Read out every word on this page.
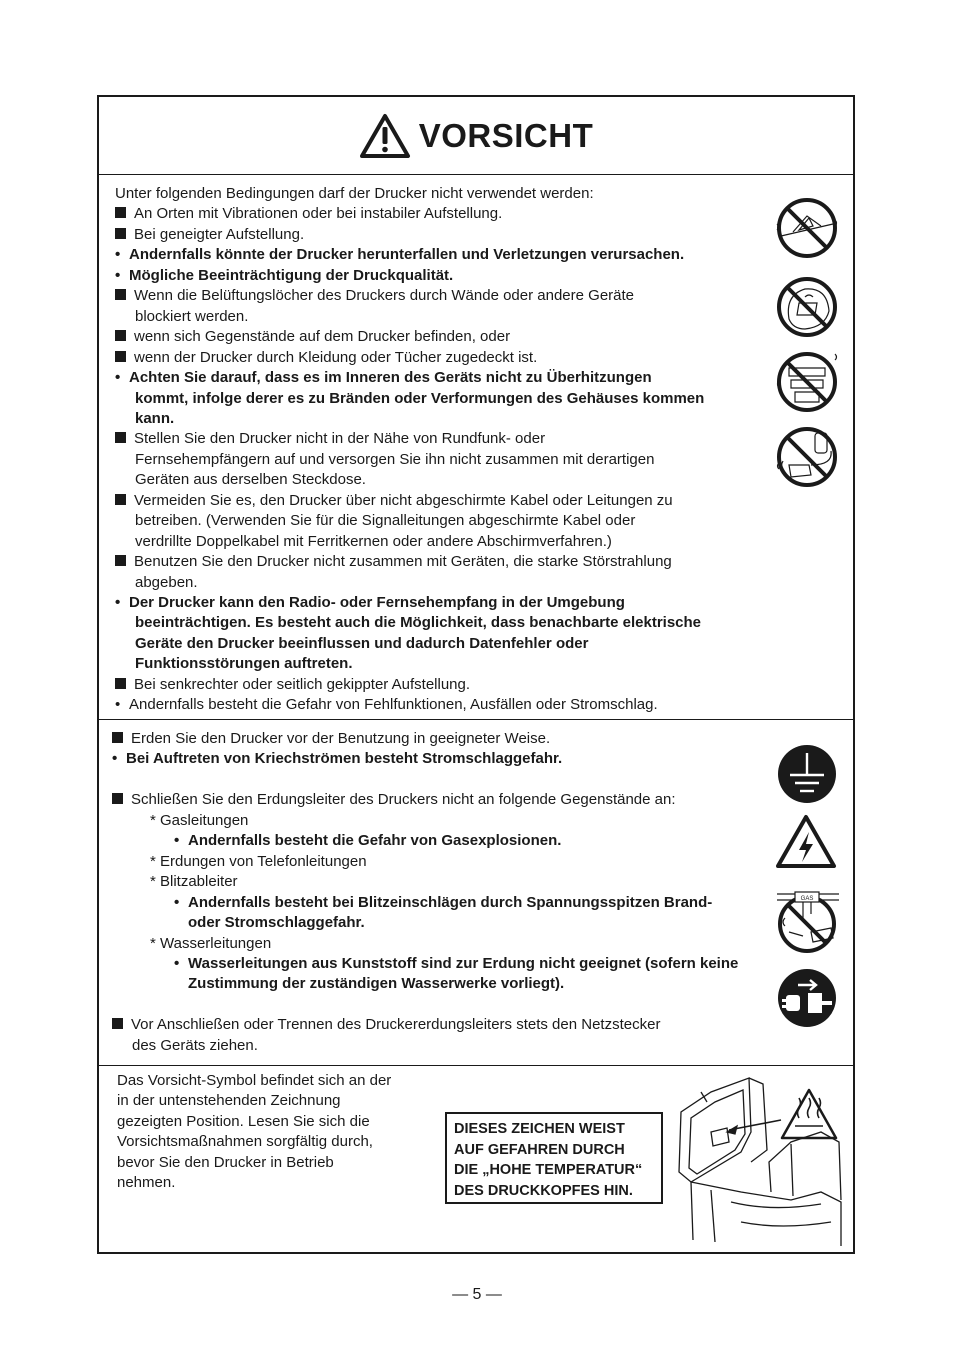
VORSICHT
Unter folgenden Bedingungen darf der Drucker nicht verwendet werden:
An Orten mit Vibrationen oder bei instabiler Aufstellung.
Bei geneigter Aufstellung.
• Andernfalls könnte der Drucker herunterfallen und Verletzungen verursachen.
• Mögliche Beeinträchtigung der Druckqualität.
Wenn die Belüftungslöcher des Druckers durch Wände oder andere Geräte
blockiert werden.
wenn sich Gegenstände auf dem Drucker befinden, oder
wenn der Drucker durch Kleidung oder Tücher zugedeckt ist.
• Achten Sie darauf, dass es im Inneren des Geräts nicht zu Überhitzungen
kommt, infolge derer es zu Bränden oder Verformungen des Gehäuses kommen
kann.
Stellen Sie den Drucker nicht in der Nähe von Rundfunk- oder
Fernsehempfängern auf und versorgen Sie ihn nicht zusammen mit derartigen
Geräten aus derselben Steckdose.
Vermeiden Sie es, den Drucker über nicht abgeschirmte Kabel oder Leitungen zu
betreiben. (Verwenden Sie für die Signalleitungen abgeschirmte Kabel oder
verdrillte Doppelkabel mit Ferritkernen oder andere Abschirmverfahren.)
Benutzen Sie den Drucker nicht zusammen mit Geräten, die starke Störstrahlung
abgeben.
• Der Drucker kann den Radio- oder Fernsehempfang in der Umgebung
beeinträchtigen. Es besteht auch die Möglichkeit, dass benachbarte elektrische
Geräte den Drucker beeinflussen und dadurch Datenfehler oder
Funktionsstörungen auftreten.
Bei senkrechter oder seitlich gekippter Aufstellung.
• Andernfalls besteht die Gefahr von Fehlfunktionen, Ausfällen oder Stromschlag.
Erden Sie den Drucker vor der Benutzung in geeigneter Weise.
• Bei Auftreten von Kriechströmen besteht Stromschlaggefahr.
Schließen Sie den Erdungsleiter des Druckers nicht an folgende Gegenstände an:
* Gasleitungen
• Andernfalls besteht die Gefahr von Gasexplosionen.
* Erdungen von Telefonleitungen
* Blitzableiter
• Andernfalls besteht bei Blitzeinschlägen durch Spannungsspitzen Brand-
oder Stromschlaggefahr.
* Wasserleitungen
• Wasserleitungen aus Kunststoff sind zur Erdung nicht geeignet (sofern keine
Zustimmung der zuständigen Wasserwerke vorliegt).
Vor Anschließen oder Trennen des Druckererdungsleiters stets den Netzstecker
des Geräts ziehen.
DIESES ZEICHEN WEIST
AUF GEFAHREN DURCH
DIE „HOHE TEMPERATUR“
DES DRUCKKOPFES HIN.
Das Vorsicht-Symbol befindet sich an der
in der untenstehenden Zeichnung
gezeigten Position. Lesen Sie sich die
Vorsichtsmaßnahmen sorgfältig durch,
bevor Sie den Drucker in Betrieb
nehmen.
GAS
— 5 —
